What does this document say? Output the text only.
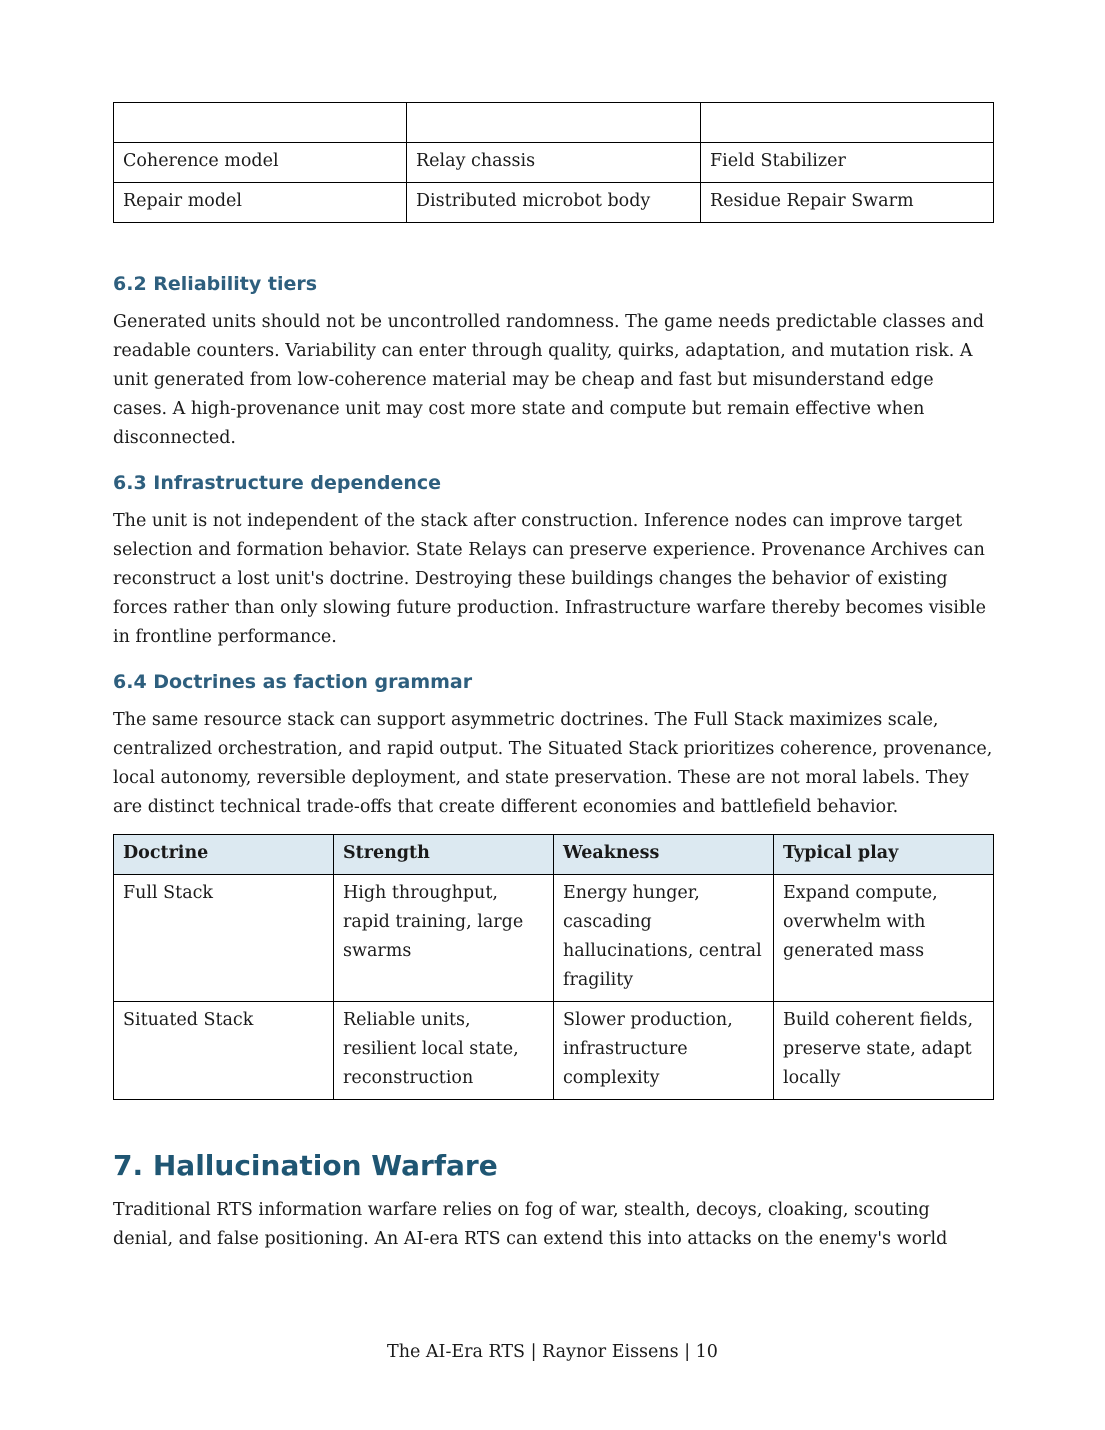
Coherence model	Relay chassis	Field Stabilizer
Repair model	Distributed microbot body	Residue Repair Swarm
6.2 Reliability tiers

Generated units should not be uncontrolled randomness. The game needs predictable classes and readable counters. Variability can enter through quality, quirks, adaptation, and mutation risk. A unit generated from low-coherence material may be cheap and fast but misunderstand edge cases. A high-provenance unit may cost more state and compute but remain effective when disconnected.

6.3 Infrastructure dependence

The unit is not independent of the stack after construction. Inference nodes can improve target selection and formation behavior. State Relays can preserve experience. Provenance Archives can reconstruct a lost unit's doctrine. Destroying these buildings changes the behavior of existing forces rather than only slowing future production. Infrastructure warfare thereby becomes visible in frontline performance.

6.4 Doctrines as faction grammar

The same resource stack can support asymmetric doctrines. The Full Stack maximizes scale, centralized orchestration, and rapid output. The Situated Stack prioritizes coherence, provenance, local autonomy, reversible deployment, and state preservation. These are not moral labels. They are distinct technical trade-offs that create different economies and battlefield behavior.

Doctrine	Strength	Weakness	Typical play
Full Stack	High throughput, rapid training, large swarms	Energy hunger, cascading hallucinations, central fragility	Expand compute, overwhelm with generated mass
Situated Stack	Reliable units, resilient local state, reconstruction	Slower production, infrastructure complexity	Build coherent fields, preserve state, adapt locally
7. Hallucination Warfare

Traditional RTS information warfare relies on fog of war, stealth, decoys, cloaking, scouting denial, and false positioning. An AI-era RTS can extend this into attacks on the enemy's world

The AI-Era RTS | Raynor Eissens | 10
